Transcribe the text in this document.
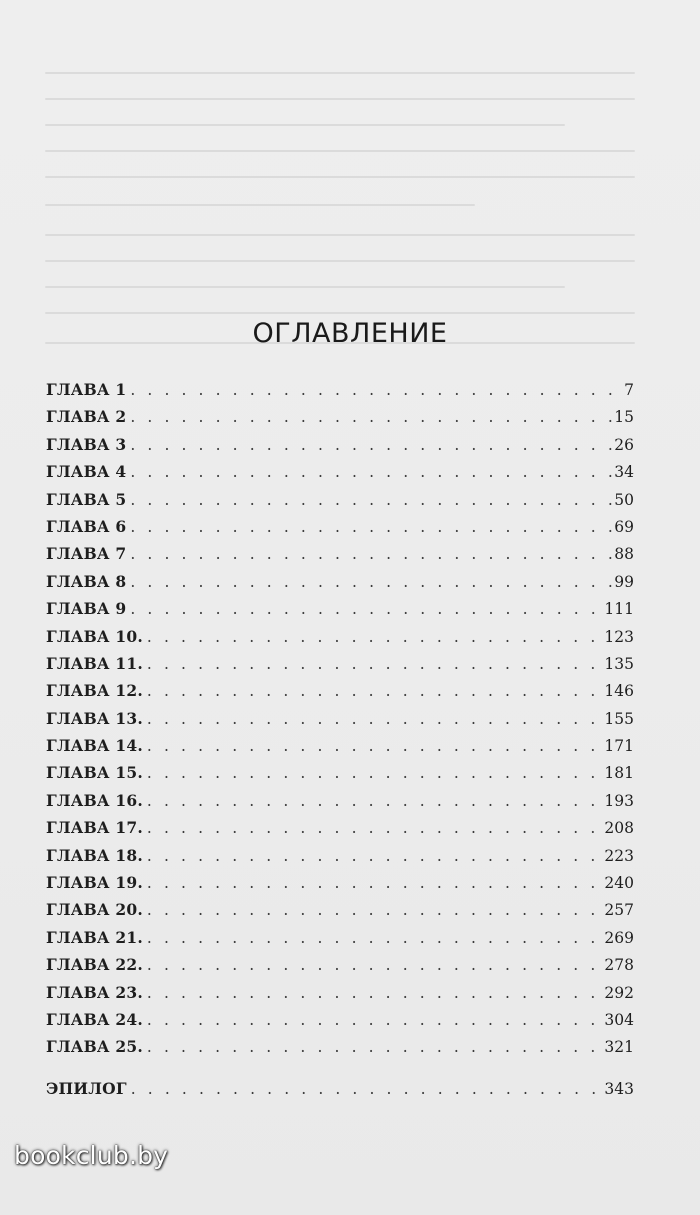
ОГЛАВЛЕНИЕ
ГЛАВА 1 . . .	7
ГЛАВА 2 . . .	15
ГЛАВА 3 . . .	26
ГЛАВА 4 . . .	34
ГЛАВА 5 . . .	50
ГЛАВА 6 . . .	69
ГЛАВА 7 . . .	88
ГЛАВА 8 . . .	99
ГЛАВА 9 . . .	111
ГЛАВА 10. . . .	123
ГЛАВА 11. . . .	135
ГЛАВА 12. . . .	146
ГЛАВА 13. . . .	155
ГЛАВА 14. . . .	171
ГЛАВА 15. . . .	181
ГЛАВА 16. . . .	193
ГЛАВА 17. . . .	208
ГЛАВА 18. . . .	223
ГЛАВА 19. . . .	240
ГЛАВА 20. . . .	257
ГЛАВА 21. . . .	269
ГЛАВА 22. . . .	278
ГЛАВА 23. . . .	292
ГЛАВА 24. . . .	304
ГЛАВА 25. . . .	321
ЭПИЛОГ . . .	343
bookclub.by
